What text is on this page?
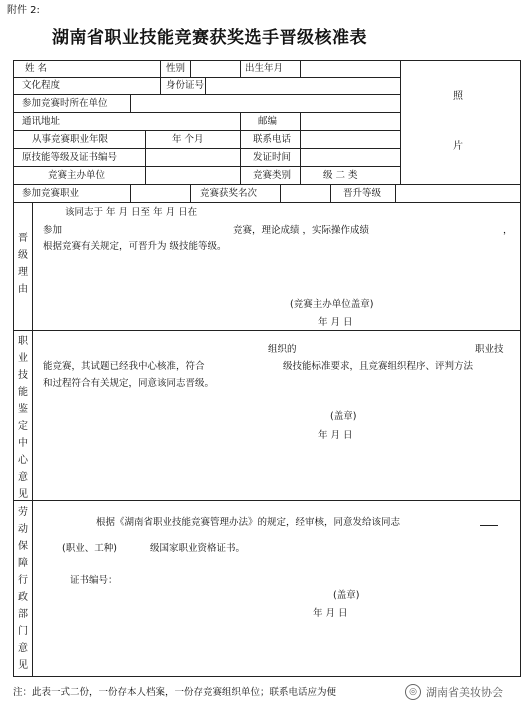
附件 2:
湖南省职业技能竞赛获奖选手晋级核准表
姓 名	性别	出生年月
照
片
文化程度	身份证号
参加竞赛时所在单位
通讯地址	邮编
从事竞赛职业年限	年 个月	联系电话
原技能等级及证书编号	发证时间
竞赛主办单位	竞赛类别	级 二 类
参加竞赛职业	竞赛获奖名次	晋升等级
晋级理由
该同志于 年 月 日至 年 月 日在
参加	竞赛，理论成绩 ，实际操作成绩	，
根据竞赛有关规定，可晋升为 级技能等级。
(竞赛主办单位盖章)
年 月 日
职业技能鉴定中心意见
组织的	职业技
能竞赛，其试题已经我中心核准，符合	级技能标准要求，且竞赛组织程序、评判方法
和过程符合有关规定，同意该同志晋级。
(盖章)
年 月 日
劳动保障行政部门意见
根据《湖南省职业技能竞赛管理办法》的规定，经审核，同意发给该同志
(职业、工种)	级国家职业资格证书。
证书编号：
(盖章)
年 月 日
注：此表一式二份，一份存本人档案，一份存竞赛组织单位；联系电话应为便	◎ 湖南省美妆协会
